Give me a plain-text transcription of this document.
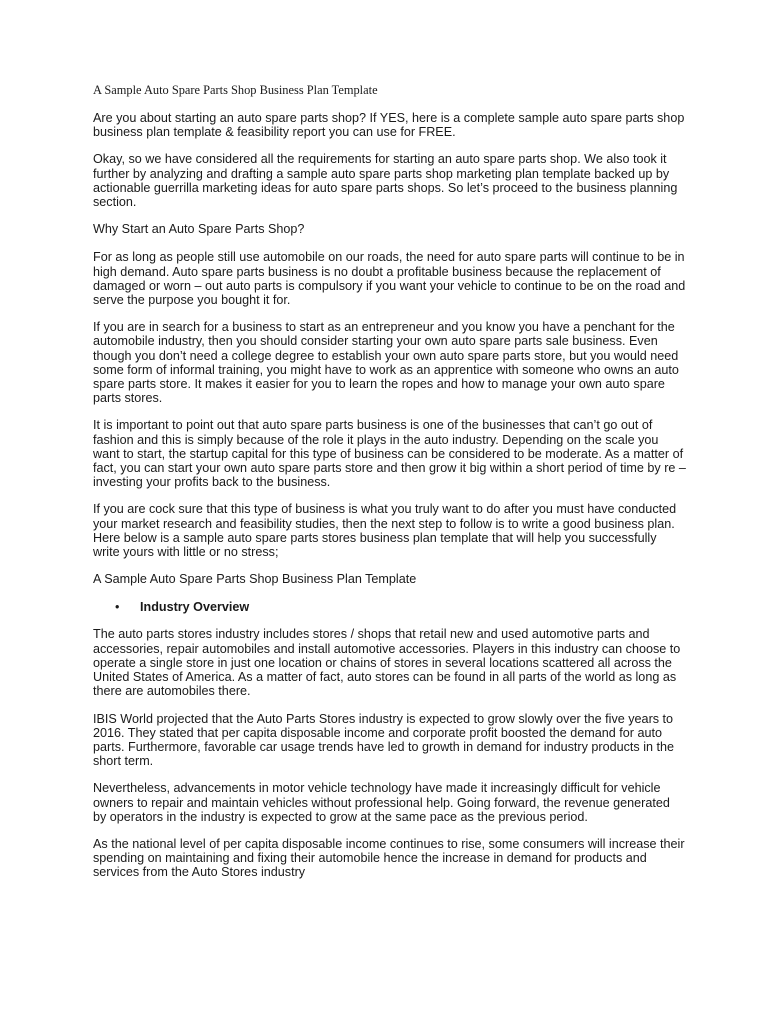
A Sample Auto Spare Parts Shop Business Plan Template

Are you about starting an auto spare parts shop? If YES, here is a complete sample auto spare parts shop business plan template & feasibility report you can use for FREE.

Okay, so we have considered all the requirements for starting an auto spare parts shop. We also took it further by analyzing and drafting a sample auto spare parts shop marketing plan template backed up by actionable guerrilla marketing ideas for auto spare parts shops. So let’s proceed to the business planning section.

Why Start an Auto Spare Parts Shop?

For as long as people still use automobile on our roads, the need for auto spare parts will continue to be in high demand. Auto spare parts business is no doubt a profitable business because the replacement of damaged or worn – out auto parts is compulsory if you want your vehicle to continue to be on the road and serve the purpose you bought it for.

If you are in search for a business to start as an entrepreneur and you know you have a penchant for the automobile industry, then you should consider starting your own auto spare parts sale business. Even though you don’t need a college degree to establish your own auto spare parts store, but you would need some form of informal training, you might have to work as an apprentice with someone who owns an auto spare parts store. It makes it easier for you to learn the ropes and how to manage your own auto spare parts stores.

It is important to point out that auto spare parts business is one of the businesses that can’t go out of fashion and this is simply because of the role it plays in the auto industry. Depending on the scale you want to start, the startup capital for this type of business can be considered to be moderate. As a matter of fact, you can start your own auto spare parts store and then grow it big within a short period of time by re – investing your profits back to the business.

If you are cock sure that this type of business is what you truly want to do after you must have conducted your market research and feasibility studies, then the next step to follow is to write a good business plan. Here below is a sample auto spare parts stores business plan template that will help you successfully write yours with little or no stress;

A Sample Auto Spare Parts Shop Business Plan Template

•	Industry Overview

The auto parts stores industry includes stores / shops that retail new and used automotive parts and accessories, repair automobiles and install automotive accessories. Players in this industry can choose to operate a single store in just one location or chains of stores in several locations scattered all across the United States of America. As a matter of fact, auto stores can be found in all parts of the world as long as there are automobiles there.

IBIS World projected that the Auto Parts Stores industry is expected to grow slowly over the five years to 2016. They stated that per capita disposable income and corporate profit boosted the demand for auto parts. Furthermore, favorable car usage trends have led to growth in demand for industry products in the short term.

Nevertheless, advancements in motor vehicle technology have made it increasingly difficult for vehicle owners to repair and maintain vehicles without professional help. Going forward, the revenue generated by operators in the industry is expected to grow at the same pace as the previous period.

As the national level of per capita disposable income continues to rise, some consumers will increase their spending on maintaining and fixing their automobile hence the increase in demand for products and services from the Auto Stores industry
